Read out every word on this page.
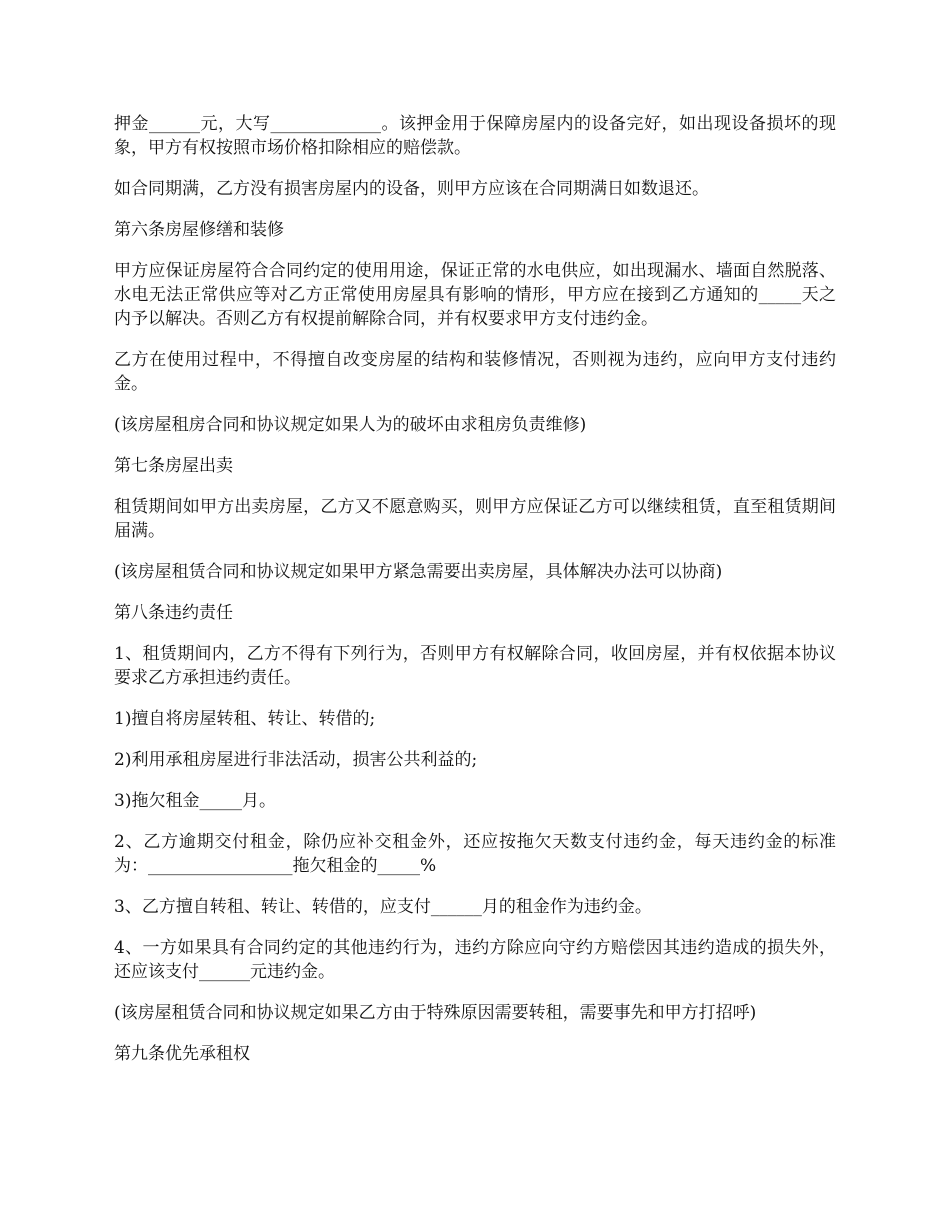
押金______元，大写_____________。该押金用于保障房屋内的设备完好，如出现设备损坏的现象，甲方有权按照市场价格扣除相应的赔偿款。

如合同期满，乙方没有损害房屋内的设备，则甲方应该在合同期满日如数退还。

第六条房屋修缮和装修

甲方应保证房屋符合合同约定的使用用途，保证正常的水电供应，如出现漏水、墙面自然脱落、水电无法正常供应等对乙方正常使用房屋具有影响的情形，甲方应在接到乙方通知的_____天之内予以解决。否则乙方有权提前解除合同，并有权要求甲方支付违约金。

乙方在使用过程中，不得擅自改变房屋的结构和装修情况，否则视为违约，应向甲方支付违约金。

(该房屋租房合同和协议规定如果人为的破坏由求租房负责维修)

第七条房屋出卖

租赁期间如甲方出卖房屋，乙方又不愿意购买，则甲方应保证乙方可以继续租赁，直至租赁期间届满。

(该房屋租赁合同和协议规定如果甲方紧急需要出卖房屋，具体解决办法可以协商)

第八条违约责任

1、租赁期间内，乙方不得有下列行为，否则甲方有权解除合同，收回房屋，并有权依据本协议要求乙方承担违约责任。

1)擅自将房屋转租、转让、转借的;

2)利用承租房屋进行非法活动，损害公共利益的;

3)拖欠租金_____月。

2、乙方逾期交付租金，除仍应补交租金外，还应按拖欠天数支付违约金，每天违约金的标准为：_________________拖欠租金的_____%

3、乙方擅自转租、转让、转借的，应支付______月的租金作为违约金。

4、一方如果具有合同约定的其他违约行为，违约方除应向守约方赔偿因其违约造成的损失外，还应该支付______元违约金。

(该房屋租赁合同和协议规定如果乙方由于特殊原因需要转租，需要事先和甲方打招呼)

第九条优先承租权
